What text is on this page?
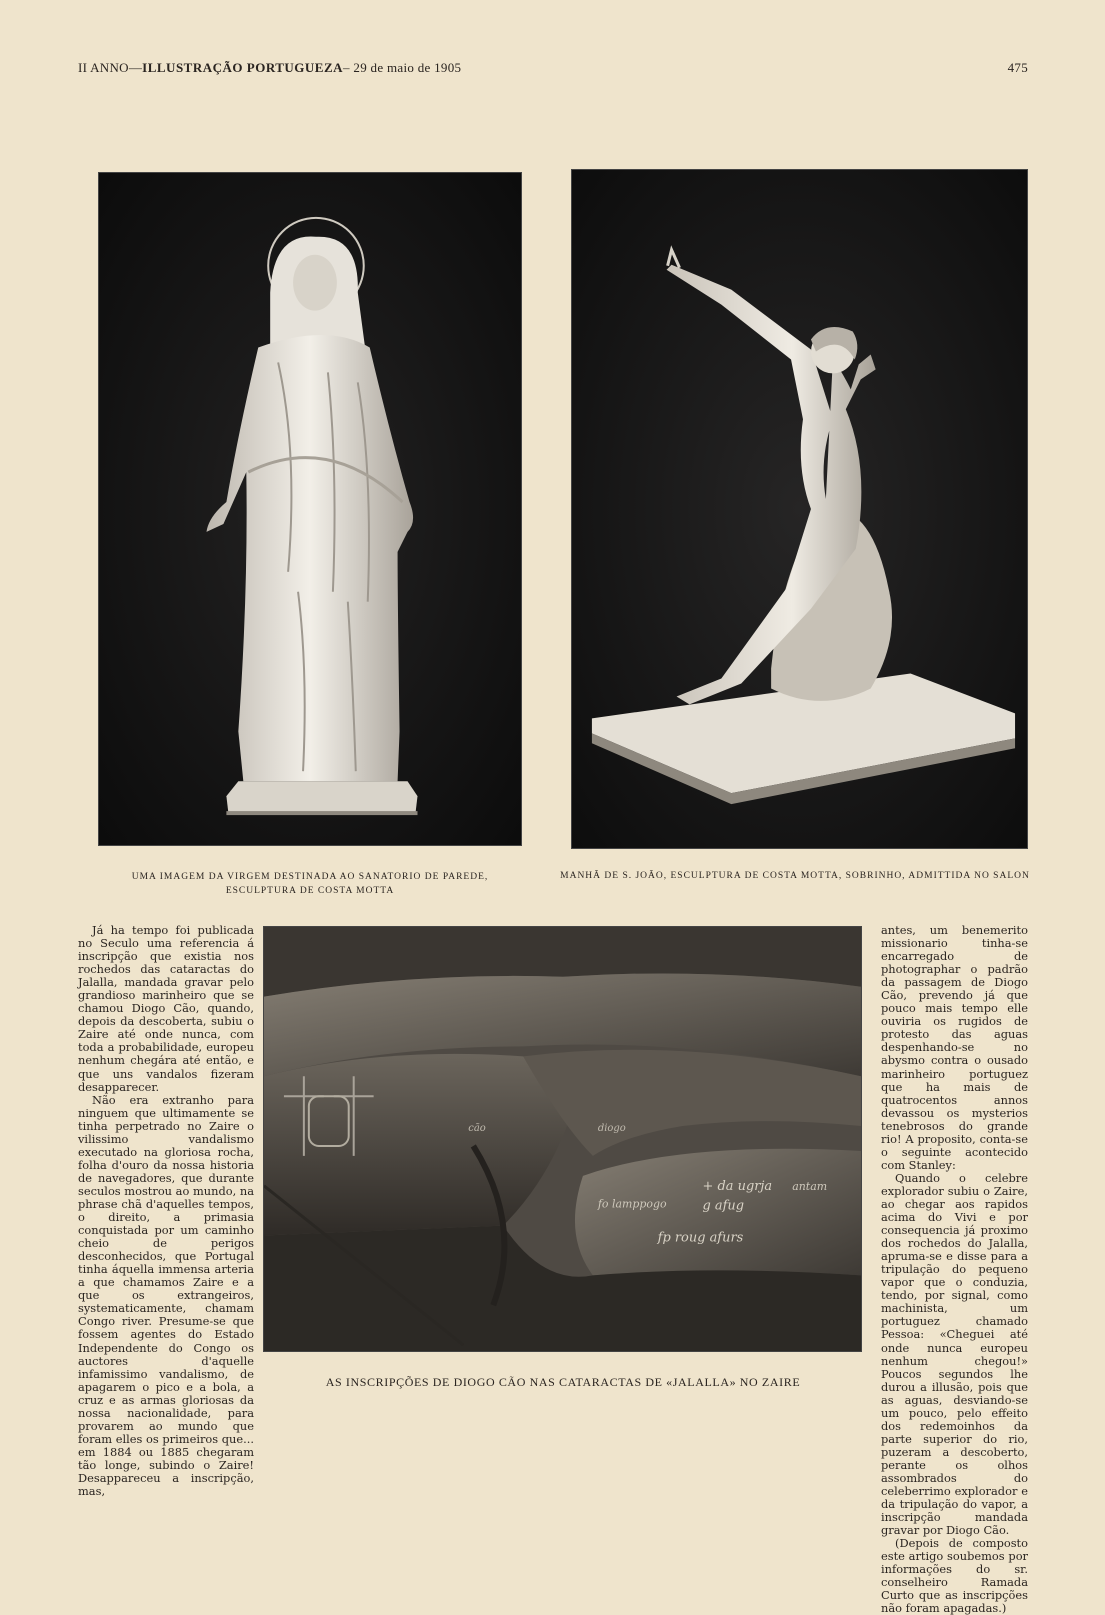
II ANNO—ILLUSTRAÇÃO PORTUGUEZA– 29 de maio de 1905	475
UMA IMAGEM DA VIRGEM DESTINADA AO SANATORIO DE PAREDE, ESCULPTURA DE COSTA MOTTA
MANHÃ DE S. JOÃO, ESCULPTURA DE COSTA MOTTA, SOBRINHO, ADMITTIDA NO SALON

Já ha tempo foi publicada no Seculo uma referencia á inscripção que existia nos rochedos das cataractas do Jalalla, mandada gravar pelo grandioso marinheiro que se chamou Diogo Cão, quando, depois da descoberta, subiu o Zaire até onde nunca, com toda a probabilidade, europeu nenhum chegára até então, e que uns vandalos fizeram desapparecer.

Não era extranho para ninguem que ultimamente se tinha perpetrado no Zaire o vilissimo vandalismo executado na gloriosa rocha, folha d'ouro da nossa historia de navegadores, que durante seculos mostrou ao mundo, na phrase chã d'aquelles tempos, o direito, a primasia conquistada por um caminho cheio de perigos desconhecidos, que Portugal tinha áquella immensa arteria a que chamamos Zaire e a que os extrangeiros, systematicamente, chamam Congo river. Presume-se que fossem agentes do Estado Independente do Congo os auctores d'aquelle infamissimo vandalismo, de apagarem o pico e a bola, a cruz e as armas gloriosas da nossa nacionalidade, para provarem ao mundo que foram elles os primeiros que... em 1884 ou 1885 chegaram tão longe, subindo o Zaire! Desappareceu a inscripção, mas,

+ da ugrja
g afug
antam
fo lamppogo
fp roug afurs
diogo
cão
AS INSCRIPÇÕES DE DIOGO CÃO NAS CATARACTAS DE «JALALLA» NO ZAIRE

antes, um benemerito missionario tinha-se encarregado de photographar o padrão da passagem de Diogo Cão, prevendo já que pouco mais tempo elle ouviria os rugidos de protesto das aguas despenhando-se no abysmo contra o ousado marinheiro portuguez que ha mais de quatrocentos annos devassou os mysterios tenebrosos do grande rio! A proposito, conta-se o seguinte acontecido com Stanley:

Quando o celebre explorador subiu o Zaire, ao chegar aos rapidos acima do Vivi e por consequencia já proximo dos rochedos do Jalalla, apruma-se e disse para a tripulação do pequeno vapor que o conduzia, tendo, por signal, como machinista, um portuguez chamado Pessoa: «Cheguei até onde nunca europeu nenhum chegou!» Poucos segundos lhe durou a illusão, pois que as aguas, desviando-se um pouco, pelo effeito dos redemoinhos da parte superior do rio, puzeram a descoberto, perante os olhos assombrados do celeberrimo explorador e da tripulação do vapor, a inscripção mandada gravar por Diogo Cão.

(Depois de composto este artigo soubemos por informações do sr. conselheiro Ramada Curto que as inscripções não foram apagadas.)
